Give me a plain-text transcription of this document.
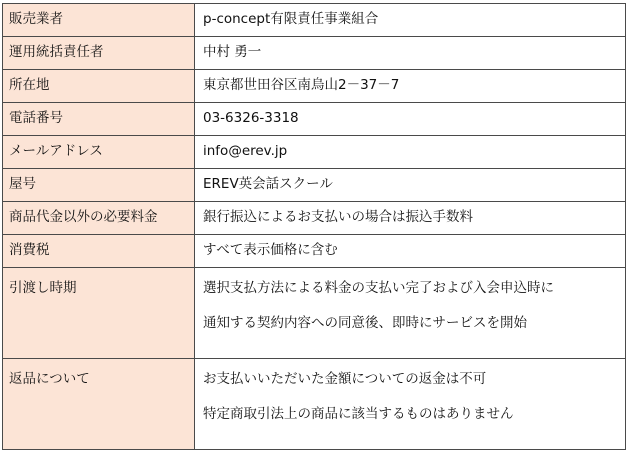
販売業者	p-concept有限責任事業組合
運用統括責任者	中村 勇一
所在地	東京都世田谷区南烏山2－37－7
電話番号	03-6326-3318
メールアドレス	info@erev.jp
屋号	EREV英会話スクール
商品代金以外の必要料金	銀行振込によるお支払いの場合は振込手数料
消費税	すべて表示価格に含む
引渡し時期	選択支払方法による料金の支払い完了および入会申込時に
通知する契約内容への同意後、即時にサービスを開始

返品について	お支払いいただいた金額についての返金は不可
特定商取引法上の商品に該当するものはありません
